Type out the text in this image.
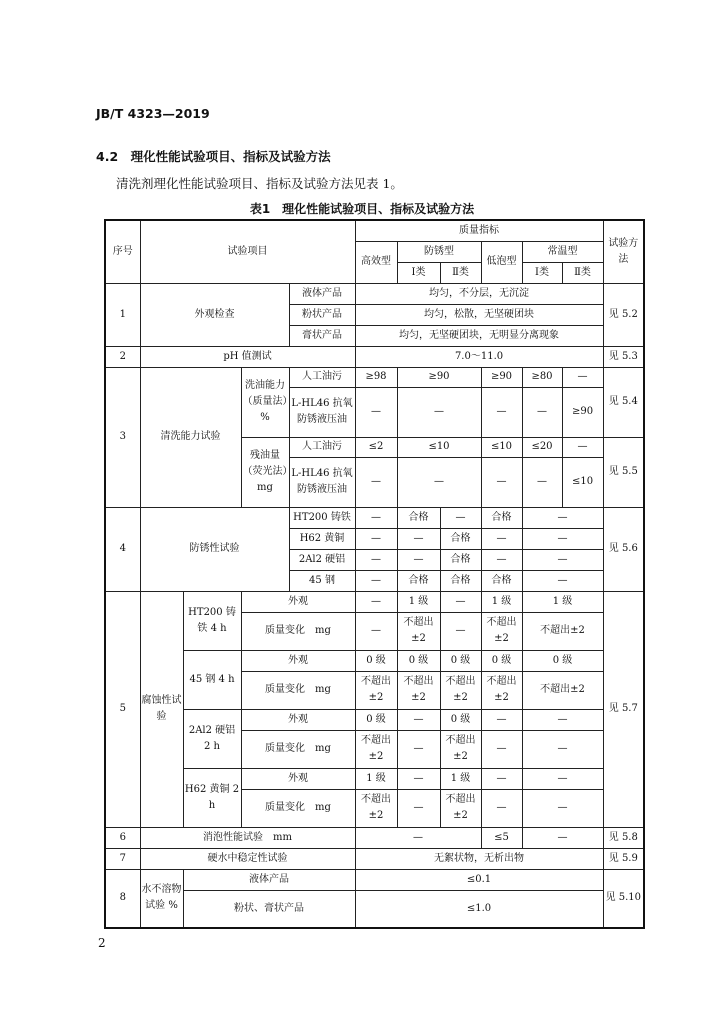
JB/T 4323—2019
4.2　理化性能试验项目、指标及试验方法
清洗剂理化性能试验项目、指标及试验方法见表 1。
表1　理化性能试验项目、指标及试验方法
序号	试验项目				质量指标						试验方法
					高效型	防锈型		低泡型	常温型		
						Ⅰ类	Ⅱ类		Ⅰ类	Ⅱ类	
1	外观检查			液体产品	均匀，不分层，无沉淀						见 5.2
				粉状产品	均匀，松散，无坚硬团块						
				膏状产品	均匀，无坚硬团块，无明显分离现象						
2	pH 值测试				7.0～11.0						见 5.3
3	清洗能力试验		洗油能力（质量法）%	人工油污	≥98	≥90		≥90	≥80	—	见 5.4
				L-HL46 抗氧防锈液压油	—	—		—	—	≥90	
			残油量（荧光法）mg	人工油污	≤2	≤10		≤10	≤20	—	见 5.5
				L-HL46 抗氧防锈液压油	—	—		—	—	≤10	
4	防锈性试验			HT200 铸铁	—	合格	—	合格	—		见 5.6
				H62 黄铜	—	—	合格	—	—		
				2Al2 硬铝	—	—	合格	—	—		
				45 钢	—	合格	合格	合格	—		
5	腐蚀性试验	HT200 铸铁 4 h	外观		—	1 级	—	1 级	1 级		见 5.7
			质量变化　mg		—	不超出 ±2	—	不超出 ±2	不超出±2		
		45 钢 4 h	外观		0 级	0 级	0 级	0 级	0 级		
			质量变化　mg		不超出 ±2	不超出 ±2	不超出 ±2	不超出 ±2	不超出±2		
		2Al2 硬铝 2 h	外观		0 级	—	0 级	—	—		
			质量变化　mg		不超出 ±2	—	不超出 ±2	—	—		
		H62 黄铜 2 h	外观		1 级	—	1 级	—	—		
			质量变化　mg		不超出 ±2	—	不超出 ±2	—	—		
6	消泡性能试验　mm				—			≤5	—		见 5.8
7	硬水中稳定性试验				无絮状物，无析出物						见 5.9
8	水不溶物试验 %	液体产品			≤0.1						见 5.10
		粉状、膏状产品			≤1.0						
2
